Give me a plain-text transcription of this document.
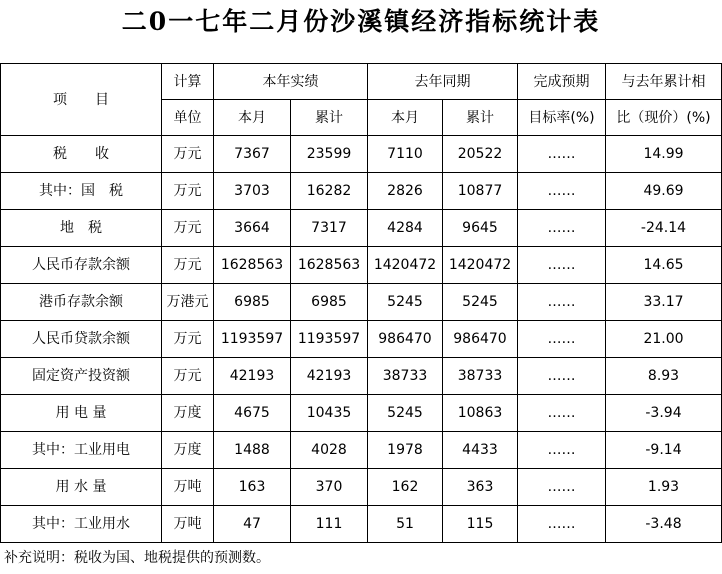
二0一七年二月份沙溪镇经济指标统计表
项　　目	计算	本年实绩		去年同期		完成预期	与去年累计相
	单位	本月	累计	本月	累计	目标率(%)	比（现价）(%)
税　　收	万元	7367	23599	7110	20522	……	14.99
其中：国　税	万元	3703	16282	2826	10877	……	49.69
地　税	万元	3664	7317	4284	9645	……	-24.14
人民币存款余额	万元	1628563	1628563	1420472	1420472	……	14.65
港币存款余额	万港元	6985	6985	5245	5245	……	33.17
人民币贷款余额	万元	1193597	1193597	986470	986470	……	21.00
固定资产投资额	万元	42193	42193	38733	38733	……	8.93
用 电 量	万度	4675	10435	5245	10863	……	-3.94
其中：工业用电	万度	1488	4028	1978	4433	……	-9.14
用 水 量	万吨	163	370	162	363	……	1.93
其中：工业用水	万吨	47	111	51	115	……	-3.48
补充说明：税收为国、地税提供的预测数。
